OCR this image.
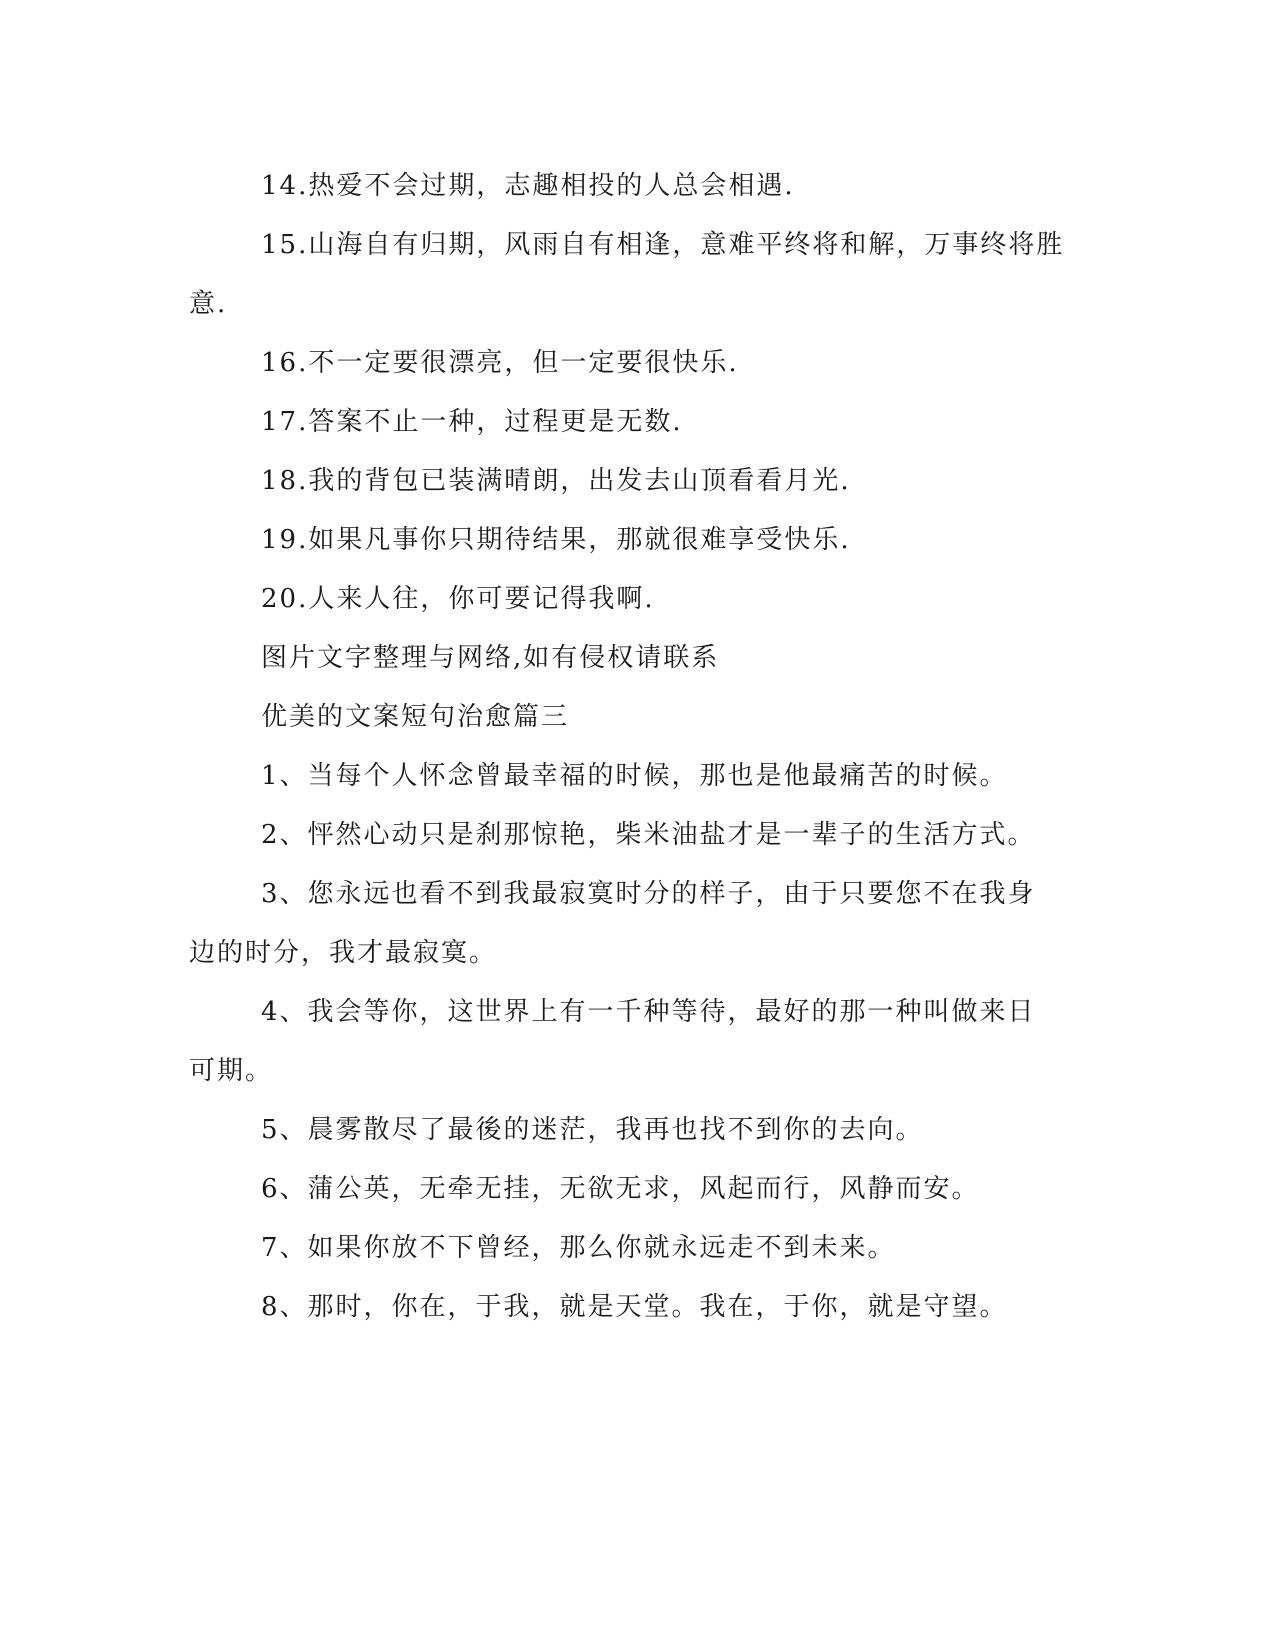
14.热爱不会过期，志趣相投的人总会相遇.
15.山海自有归期，风雨自有相逢，意难平终将和解，万事终将胜
意.
16.不一定要很漂亮，但一定要很快乐.
17.答案不止一种，过程更是无数.
18.我的背包已装满晴朗，出发去山顶看看月光.
19.如果凡事你只期待结果，那就很难享受快乐.
20.人来人往，你可要记得我啊.
图片文字整理与网络,如有侵权请联系
优美的文案短句治愈篇三
1、当每个人怀念曾最幸福的时候，那也是他最痛苦的时候。
2、怦然心动只是刹那惊艳，柴米油盐才是一辈子的生活方式。
3、您永远也看不到我最寂寞时分的样子，由于只要您不在我身
边的时分，我才最寂寞。
4、我会等你，这世界上有一千种等待，最好的那一种叫做来日
可期。
5、晨雾散尽了最後的迷茫，我再也找不到你的去向。
6、蒲公英，无牵无挂，无欲无求，风起而行，风静而安。
7、如果你放不下曾经，那么你就永远走不到未来。
8、那时，你在，于我，就是天堂。我在，于你，就是守望。
